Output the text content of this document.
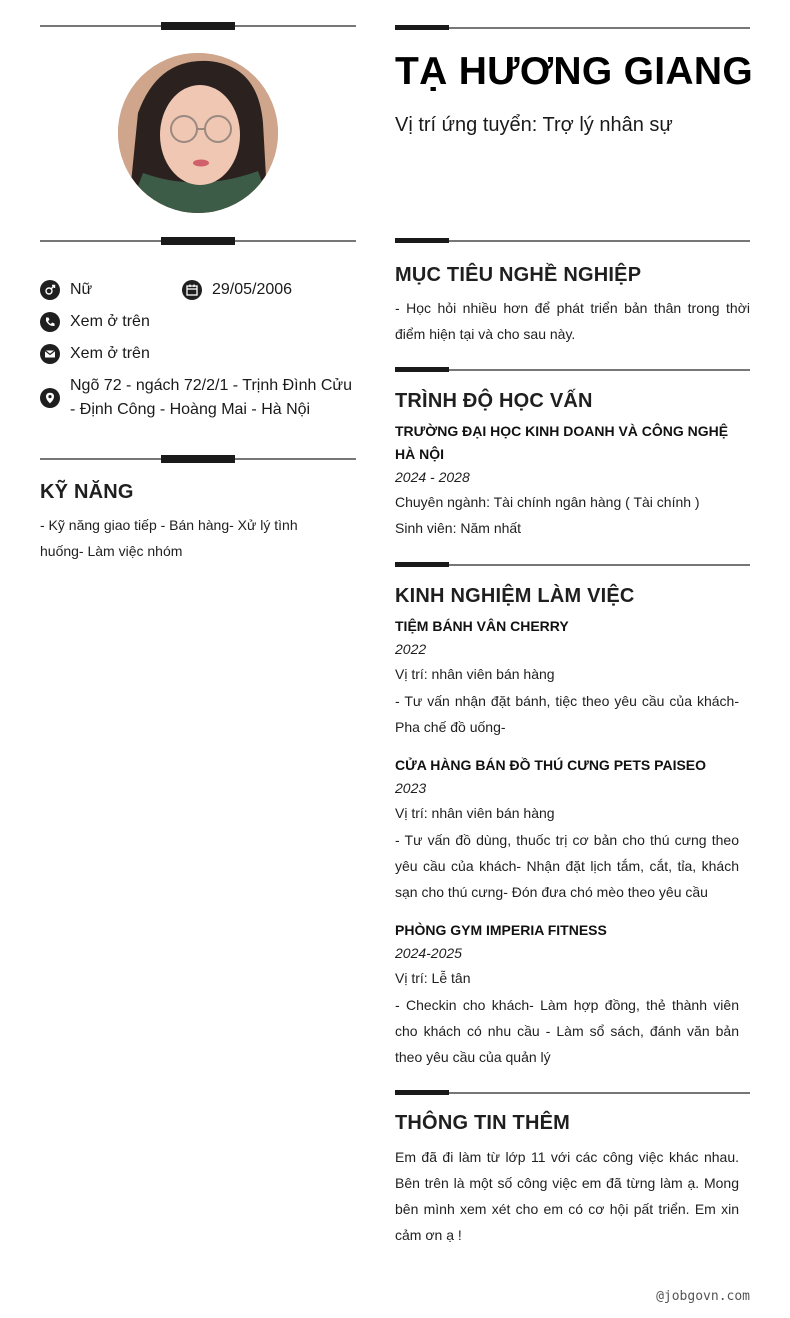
Nữ	29/05/2006
Xem ở trên
Xem ở trên
Ngõ 72 - ngách 72/2/1 - Trịnh Đình Cửu - Định Công - Hoàng Mai - Hà Nội
KỸ NĂNG
- Kỹ năng giao tiếp - Bán hàng- Xử lý tình huống- Làm việc nhóm
TẠ HƯƠNG GIANG
Vị trí ứng tuyển: Trợ lý nhân sự
MỤC TIÊU NGHỀ NGHIỆP
- Học hỏi nhiều hơn để phát triển bản thân trong thời điểm hiện tại và cho sau này.
TRÌNH ĐỘ HỌC VẤN
TRƯỜNG ĐẠI HỌC KINH DOANH VÀ CÔNG NGHỆ HÀ NỘI
2024 - 2028
Chuyên ngành: Tài chính ngân hàng ( Tài chính )
Sinh viên: Năm nhất
KINH NGHIỆM LÀM VIỆC
TIỆM BÁNH VÂN CHERRY
2022
Vị trí: nhân viên bán hàng
- Tư vấn nhận đặt bánh, tiệc theo yêu cầu của khách- Pha chế đồ uống-
CỬA HÀNG BÁN ĐỒ THÚ CƯNG PETS PAISEO
2023
Vị trí: nhân viên bán hàng
- Tư vấn đồ dùng, thuốc trị cơ bản cho thú cưng theo yêu cầu của khách- Nhận đặt lịch tắm, cắt, tỉa, khách sạn cho thú cưng- Đón đưa chó mèo theo yêu cầu
PHÒNG GYM IMPERIA FITNESS
2024-2025
Vị trí: Lễ tân
- Checkin cho khách- Làm hợp đồng, thẻ thành viên cho khách có nhu cầu - Làm sổ sách, đánh văn bản theo yêu cầu của quản lý
THÔNG TIN THÊM
Em đã đi làm từ lớp 11 với các công việc khác nhau. Bên trên là một số công việc em đã từng làm ạ. Mong bên mình xem xét cho em có cơ hội pất triển. Em xin cảm ơn ạ !
@jobgovn.com
